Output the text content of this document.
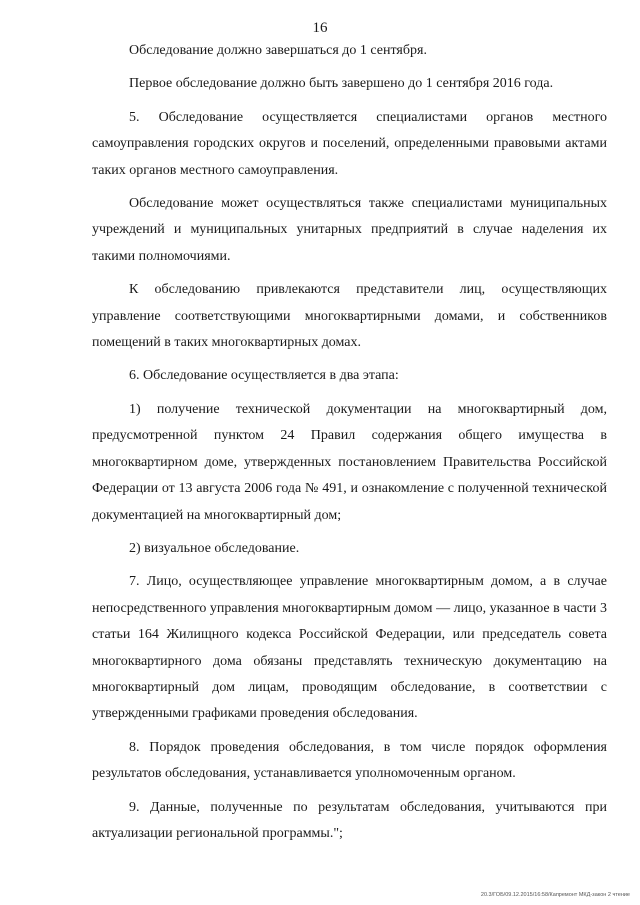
16

Обследование должно завершаться до 1 сентября.

Первое обследование должно быть завершено до 1 сентября 2016 года.

5. Обследование осуществляется специалистами органов местного самоуправления городских округов и поселений, определенными правовыми актами таких органов местного самоуправления.

Обследование может осуществляться также специалистами муниципальных учреждений и муниципальных унитарных предприятий в случае наделения их такими полномочиями.

К обследованию привлекаются представители лиц, осуществляющих управление соответствующими многоквартирными домами, и собственников помещений в таких многоквартирных домах.

6. Обследование осуществляется в два этапа:

1) получение технической документации на многоквартирный дом, предусмотренной пунктом 24 Правил содержания общего имущества в многоквартирном доме, утвержденных постановлением Правительства Российской Федерации от 13 августа 2006 года № 491, и ознакомление с полученной технической документацией на многоквартирный дом;

2) визуальное обследование.

7. Лицо, осуществляющее управление многоквартирным домом, а в случае непосредственного управления многоквартирным домом — лицо, указанное в части 3 статьи 164 Жилищного кодекса Российской Федерации, или председатель совета многоквартирного дома обязаны представлять техническую документацию на многоквартирный дом лицам, проводящим обследование, в соответствии с утвержденными графиками проведения обследования.

8. Порядок проведения обследования, в том числе порядок оформления результатов обследования, устанавливается уполномоченным органом.

9. Данные, полученные по результатам обследования, учитываются при актуализации региональной программы.";

20.3/ГОБ/09.12.2015/16:58/Капремонт МКД-закон 2 чтение
